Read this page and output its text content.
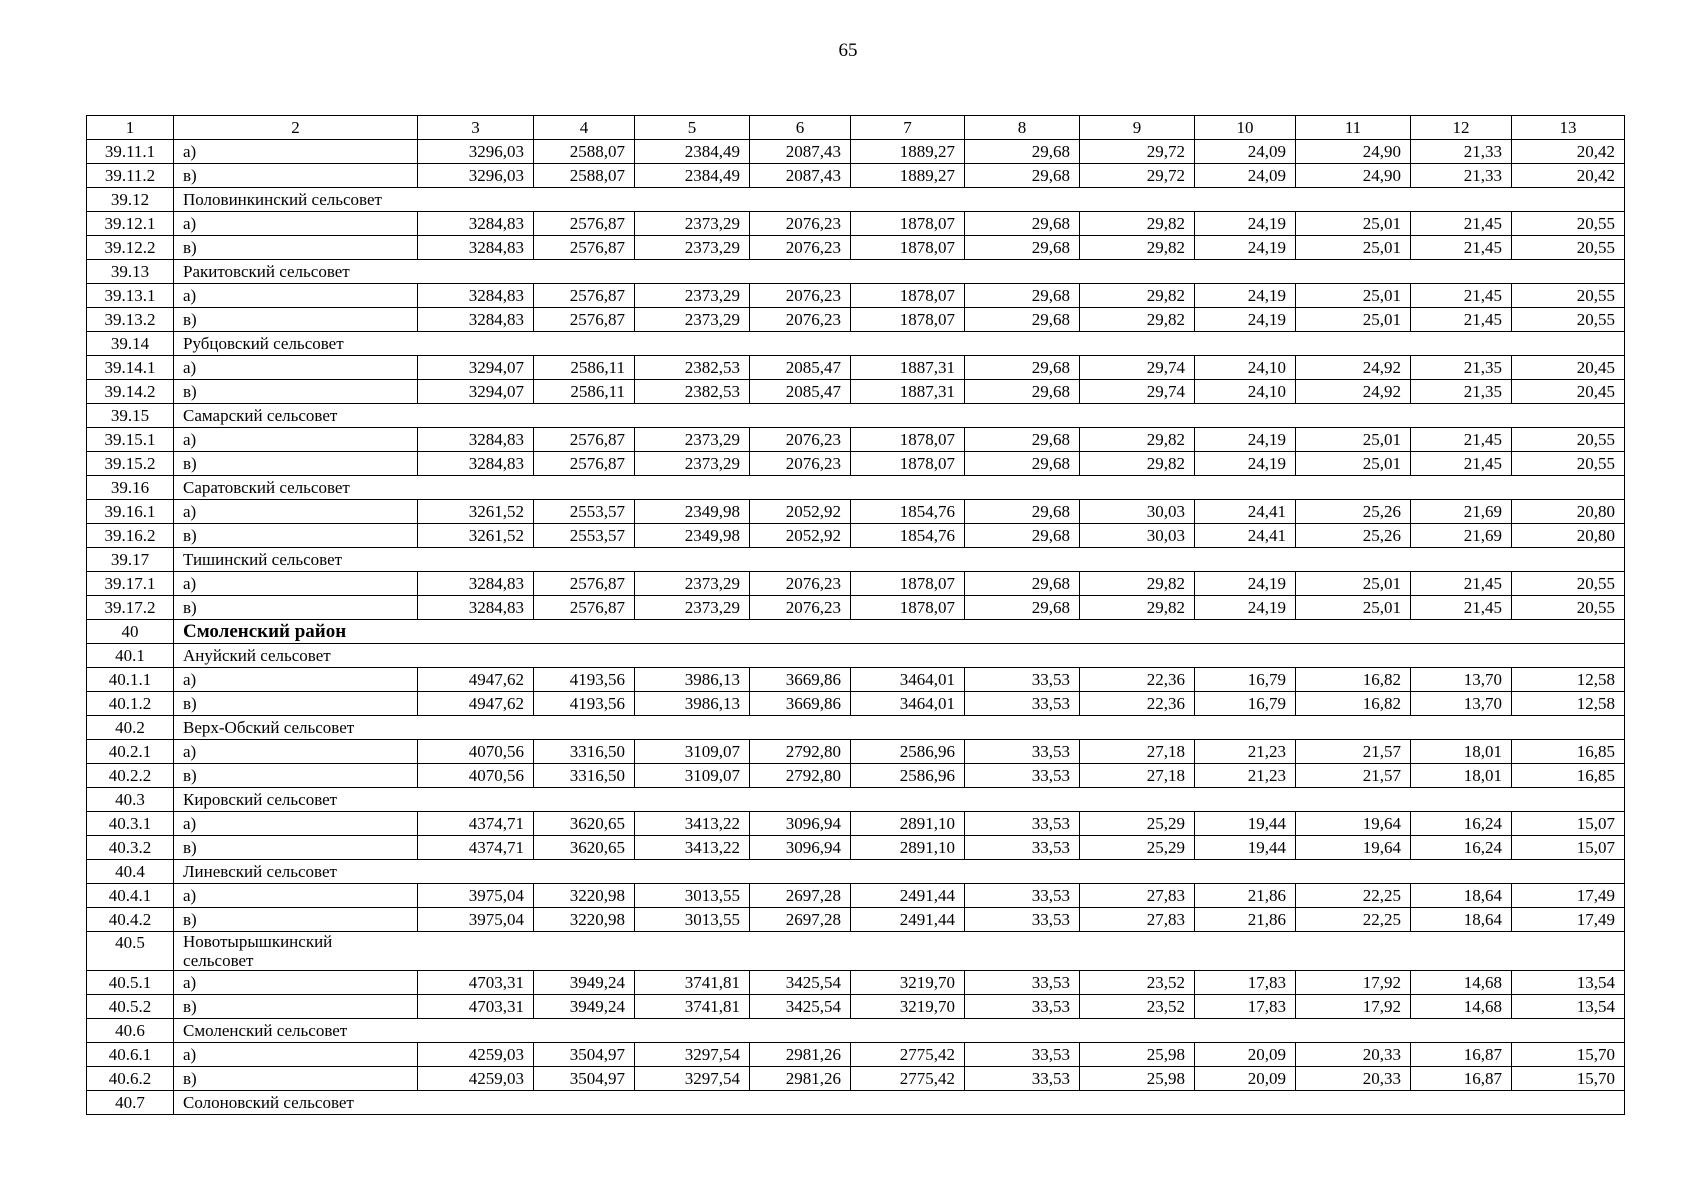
65
1	2	3	4	5	6	7	8	9	10	11	12	13
39.11.1	а)	3296,03	2588,07	2384,49	2087,43	1889,27	29,68	29,72	24,09	24,90	21,33	20,42
39.11.2	в)	3296,03	2588,07	2384,49	2087,43	1889,27	29,68	29,72	24,09	24,90	21,33	20,42
39.12	Половинкинский сельсовет											
39.12.1	а)	3284,83	2576,87	2373,29	2076,23	1878,07	29,68	29,82	24,19	25,01	21,45	20,55
39.12.2	в)	3284,83	2576,87	2373,29	2076,23	1878,07	29,68	29,82	24,19	25,01	21,45	20,55
39.13	Ракитовский сельсовет											
39.13.1	а)	3284,83	2576,87	2373,29	2076,23	1878,07	29,68	29,82	24,19	25,01	21,45	20,55
39.13.2	в)	3284,83	2576,87	2373,29	2076,23	1878,07	29,68	29,82	24,19	25,01	21,45	20,55
39.14	Рубцовский сельсовет											
39.14.1	а)	3294,07	2586,11	2382,53	2085,47	1887,31	29,68	29,74	24,10	24,92	21,35	20,45
39.14.2	в)	3294,07	2586,11	2382,53	2085,47	1887,31	29,68	29,74	24,10	24,92	21,35	20,45
39.15	Самарский сельсовет											
39.15.1	а)	3284,83	2576,87	2373,29	2076,23	1878,07	29,68	29,82	24,19	25,01	21,45	20,55
39.15.2	в)	3284,83	2576,87	2373,29	2076,23	1878,07	29,68	29,82	24,19	25,01	21,45	20,55
39.16	Саратовский сельсовет											
39.16.1	а)	3261,52	2553,57	2349,98	2052,92	1854,76	29,68	30,03	24,41	25,26	21,69	20,80
39.16.2	в)	3261,52	2553,57	2349,98	2052,92	1854,76	29,68	30,03	24,41	25,26	21,69	20,80
39.17	Тишинский сельсовет											
39.17.1	а)	3284,83	2576,87	2373,29	2076,23	1878,07	29,68	29,82	24,19	25,01	21,45	20,55
39.17.2	в)	3284,83	2576,87	2373,29	2076,23	1878,07	29,68	29,82	24,19	25,01	21,45	20,55
40	Смоленский район											
40.1	Ануйский сельсовет											
40.1.1	а)	4947,62	4193,56	3986,13	3669,86	3464,01	33,53	22,36	16,79	16,82	13,70	12,58
40.1.2	в)	4947,62	4193,56	3986,13	3669,86	3464,01	33,53	22,36	16,79	16,82	13,70	12,58
40.2	Верх-Обский сельсовет											
40.2.1	а)	4070,56	3316,50	3109,07	2792,80	2586,96	33,53	27,18	21,23	21,57	18,01	16,85
40.2.2	в)	4070,56	3316,50	3109,07	2792,80	2586,96	33,53	27,18	21,23	21,57	18,01	16,85
40.3	Кировский сельсовет											
40.3.1	а)	4374,71	3620,65	3413,22	3096,94	2891,10	33,53	25,29	19,44	19,64	16,24	15,07
40.3.2	в)	4374,71	3620,65	3413,22	3096,94	2891,10	33,53	25,29	19,44	19,64	16,24	15,07
40.4	Линевский сельсовет											
40.4.1	а)	3975,04	3220,98	3013,55	2697,28	2491,44	33,53	27,83	21,86	22,25	18,64	17,49
40.4.2	в)	3975,04	3220,98	3013,55	2697,28	2491,44	33,53	27,83	21,86	22,25	18,64	17,49
40.5	Новотырышкинский сельсовет											

40.5.1	а)	4703,31	3949,24	3741,81	3425,54	3219,70	33,53	23,52	17,83	17,92	14,68	13,54
40.5.2	в)	4703,31	3949,24	3741,81	3425,54	3219,70	33,53	23,52	17,83	17,92	14,68	13,54
40.6	Смоленский сельсовет											
40.6.1	а)	4259,03	3504,97	3297,54	2981,26	2775,42	33,53	25,98	20,09	20,33	16,87	15,70
40.6.2	в)	4259,03	3504,97	3297,54	2981,26	2775,42	33,53	25,98	20,09	20,33	16,87	15,70
40.7	Солоновский сельсовет											
